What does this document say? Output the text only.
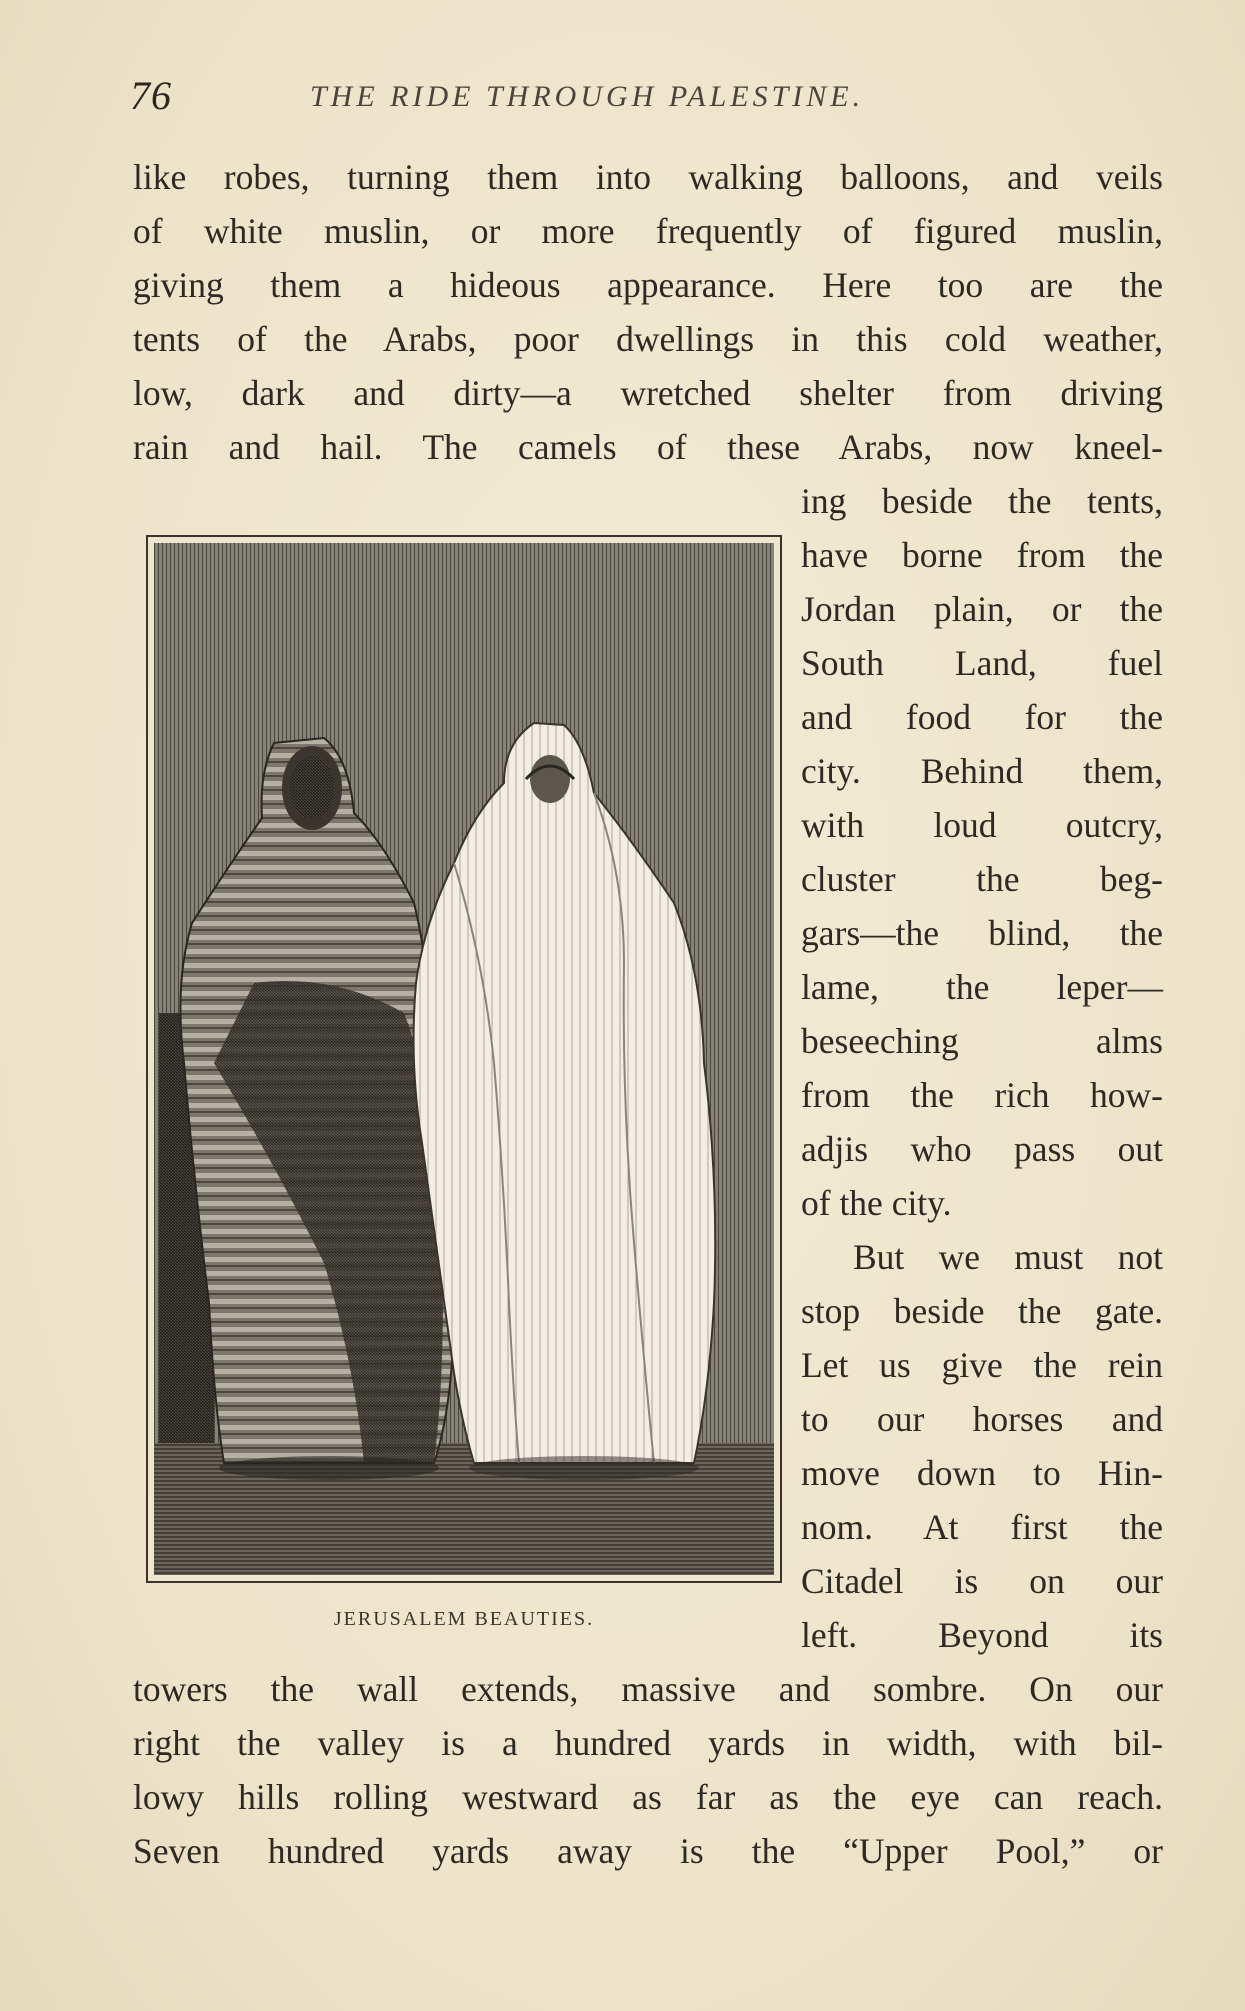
76	THE RIDE THROUGH PALESTINE.
like robes, turning them into walking balloons, and veils
of white muslin, or more frequently of figured muslin,
giving them a hideous appearance. Here too are the
tents of the Arabs, poor dwellings in this cold weather,
low, dark and dirty—a wretched shelter from driving
rain and hail. The camels of these Arabs, now kneel-
ing beside the tents,
have borne from the
Jordan plain, or the
South Land, fuel
and food for the
city. Behind them,
with loud outcry,
cluster the beg-
gars—the blind, the
lame, the leper—
beseeching alms
from the rich how-
adjis who pass out
of the city.
But we must not
stop beside the gate.
Let us give the rein
to our horses and
move down to Hin-
nom. At first the
Citadel is on our
left. Beyond its
towers the wall extends, massive and sombre. On our
right the valley is a hundred yards in width, with bil-
lowy hills rolling westward as far as the eye can reach.
Seven hundred yards away is the “Upper Pool,” or
JERUSALEM BEAUTIES.
